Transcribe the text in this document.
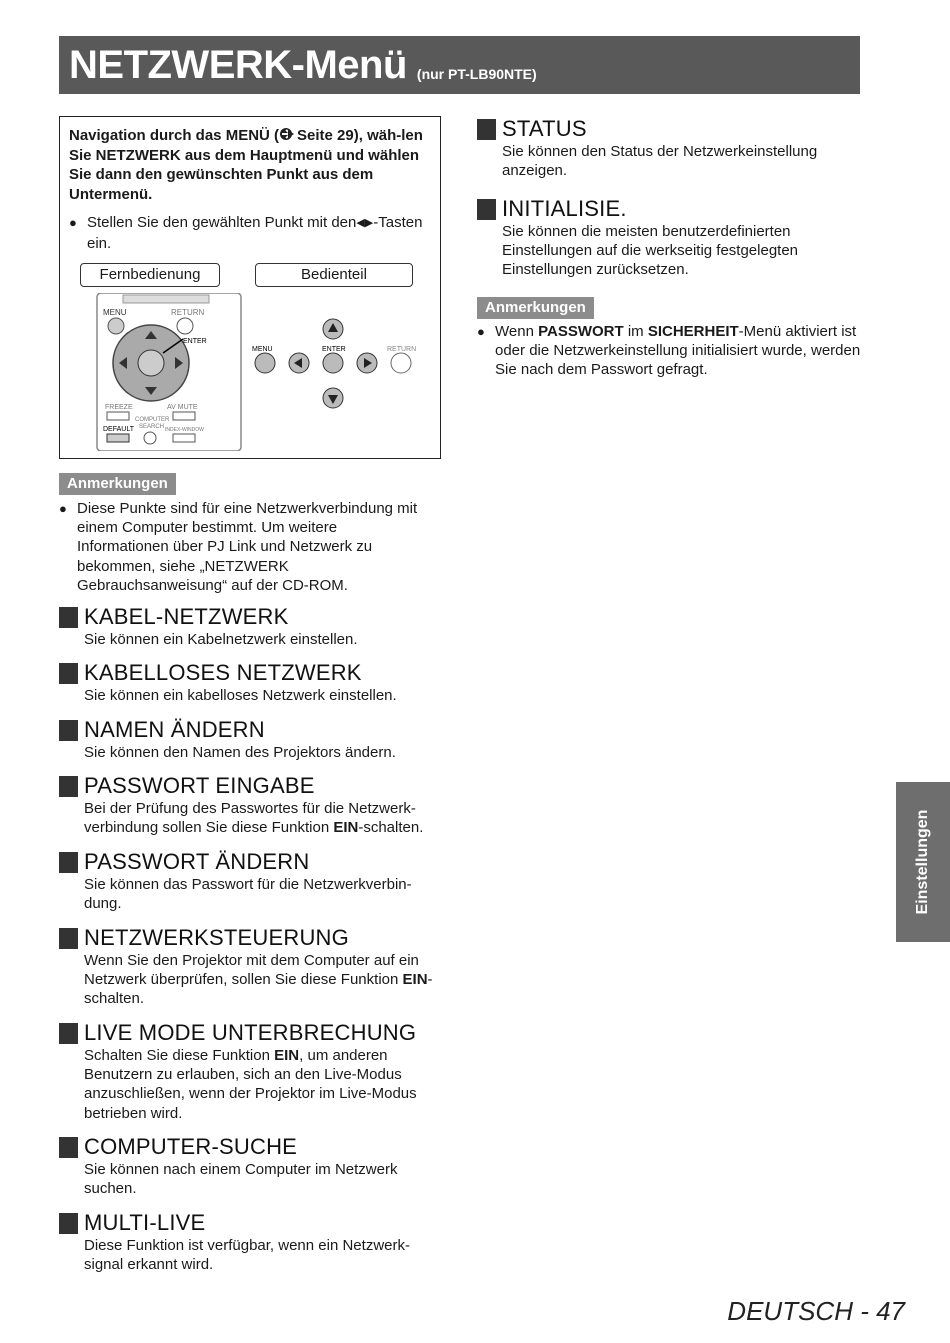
NETZWERK-Menü (nur PT-LB90NTE)
Navigation durch das MENÜ ( Seite 29), wäh-len Sie NETZWERK aus dem Hauptmenü und wählen Sie dann den gewünschten Punkt aus dem Untermenü.
● Stellen Sie den gewählten Punkt mit den◀▶-Tasten ein.
Fernbedienung	Bedienteil
MENU	RETURN
ENTER
FREEZE	AV MUTE
COMPUTER
SEARCH
DEFAULT	INDEX-WINDOW
MENU	ENTER	RETURN
Anmerkungen
● Diese Punkte sind für eine Netzwerkverbindung mit einem Computer bestimmt. Um weitere Informationen über PJ Link und Netzwerk zu bekommen, siehe „NETZWERK Gebrauchsanweisung“ auf der CD-ROM.
KABEL-NETZWERK
Sie können ein Kabelnetzwerk einstellen.
KABELLOSES NETZWERK
Sie können ein kabelloses Netzwerk einstellen.
NAMEN ÄNDERN
Sie können den Namen des Projektors ändern.
PASSWORT EINGABE
Bei der Prüfung des Passwortes für die Netzwerk-verbindung sollen Sie diese Funktion EIN-schalten.
PASSWORT ÄNDERN
Sie können das Passwort für die Netzwerkverbin-dung.
NETZWERKSTEUERUNG
Wenn Sie den Projektor mit dem Computer auf ein Netzwerk überprüfen, sollen Sie diese Funktion EIN-schalten.
LIVE MODE UNTERBRECHUNG
Schalten Sie diese Funktion EIN, um anderen Benutzern zu erlauben, sich an den Live-Modus anzuschließen, wenn der Projektor im Live-Modus betrieben wird.
COMPUTER-SUCHE
Sie können nach einem Computer im Netzwerk suchen.
MULTI-LIVE
Diese Funktion ist verfügbar, wenn ein Netzwerk-signal erkannt wird.
STATUS
Sie können den Status der Netzwerkeinstellung anzeigen.
INITIALISIE.
Sie können die meisten benutzerdefinierten Einstellungen auf die werkseitig festgelegten Einstellungen zurücksetzen.
Anmerkungen
● Wenn PASSWORT im SICHERHEIT-Menü aktiviert ist oder die Netzwerkeinstellung initialisiert wurde, werden Sie nach dem Passwort gefragt.
Einstellungen
DEUTSCH - 47
